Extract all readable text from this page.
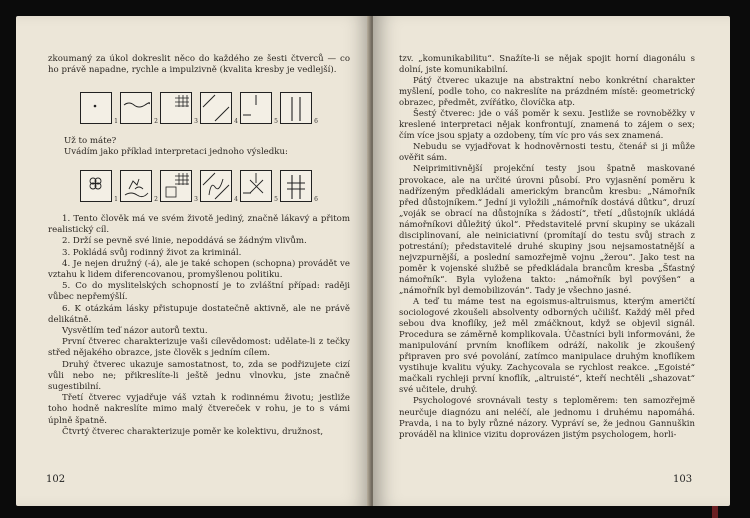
zkoumaný za úkol dokreslit něco do každého ze šesti čtverců — co ho právě napadne, rychle a impulzivně (kvalita kresby je vedlejší).

1	2	3	4	5	6

Už to máte?

Uvádím jako příklad interpretaci jednoho výsledku:

1	2	3	4	5	6

1. Tento člověk má ve svém životě jediný, značně lákavý a přitom realistický cíl.

2. Drží se pevně své linie, nepoddává se žádným vlivům.

3. Pokládá svůj rodinný život za kriminál.

4. Je nejen družný (-á), ale je také schopen (schopna) provádět ve vztahu k lidem diferencovanou, promyšlenou politiku.

5. Co do myslitelských schopností je to zvláštní případ: raději vůbec nepřemýšlí.

6. K otázkám lásky přistupuje dostatečně aktivně, ale ne právě delikátně.

Vysvětlím teď názor autorů textu.

První čtverec charakterizuje vaši cílevědomost: udělate-li z tečky střed nějakého obrazce, jste člověk s jedním cílem.

Druhý čtverec ukazuje samostatnost, to, zda se podřizujete cizí vůli nebo ne; přikreslíte-li ještě jednu vlnovku, jste značně sugestibilní.

Třetí čtverec vyjadřuje váš vztah k rodinnému životu; jestliže toho hodně nakreslíte mimo malý čtvereček v rohu, je to s vámi úplně špatně.

Čtvrtý čtverec charakterizuje poměr ke kolektivu, družnost,

102

tzv. „komunikabilitu“. Snažíte-li se nějak spojit horní diagonálu s dolní, jste komunikabilní.

Pátý čtverec ukazuje na abstraktní nebo konkrétní charakter myšlení, podle toho, co nakreslíte na prázdném místě: geometrický obrazec, předmět, zvířátko, človíčka atp.

Šestý čtverec: jde o váš poměr k sexu. Jestliže se rovnoběžky v kreslené interpretaci nějak konfrontují, znamená to zájem o sex; čím více jsou spjaty a ozdobeny, tím víc pro vás sex znamená.

Nebudu se vyjadřovat k hodnověrnosti testu, čtenář si ji může ověřit sám.

Neiprimitivnější projekční testy jsou špatně maskované provokace, ale na určité úrovni působí. Pro vyjasnění poměru k nadřízeným předkládali americkým brancům kresbu: „Námořník před důstojníkem.“ Jední ji vyložili „námořník dostává důtku“, druzí „voják se obrací na důstojníka s žádostí“, třetí „důstojník ukládá námořníkovi důležitý úkol“. Představitelé první skupiny se ukázali disciplinovaní, ale neiniciativní (promítají do testu svůj strach z potrestání); představitelé druhé skupiny jsou nejsamostatnější a nejvzpurnější, a poslední samozřejmě vojnu „žerou“. Jako test na poměr k vojenské službě se předkládala brancům kresba „Šťastný námořník“. Byla vyložena takto: „námořník byl povýšen“ a „námořník byl demobilizován“. Tady je všechno jasné.

A teď tu máme test na egoismus-altruismus, kterým američtí sociologové zkoušeli absolventy odborných učilišť. Každý měl před sebou dva knoflíky, jež měl zmáčknout, když se objevil signál. Procedura se záměrně komplikovala. Účastníci byli informováni, že manipulování prvním knoflíkem odráží, nakolik je zkoušený připraven pro své povolání, zatímco manipulace druhým knoflíkem vystihuje kvalitu výuky. Zachycovala se rychlost reakce. „Egoisté“ mačkali rychleji první knoflík, „altruisté“, kteří nechtěli „shazovat“ své učitele, druhý.

Psychologové srovnávali testy s teploměrem: ten samozřejmě neurčuje diagnózu ani neléčí, ale jednomu i druhému napomáhá. Pravda, i na to byly různé názory. Vypráví se, že jednou Gannuškin prováděl na klinice vizitu doprovázen jistým psychologem, horli-

103
